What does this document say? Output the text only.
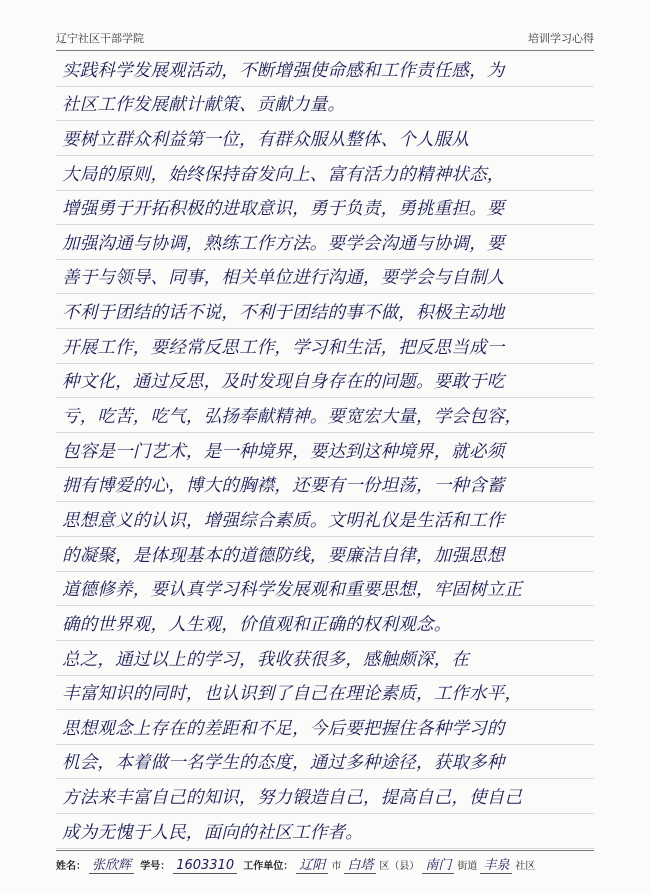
辽宁社区干部学院	培训学习心得
实践科学发展观活动，不断增强使命感和工作责任感，为
社区工作发展献计献策、贡献力量。
要树立群众利益第一位，有群众服从整体、个人服从
大局的原则，始终保持奋发向上、富有活力的精神状态，
增强勇于开拓积极的进取意识，勇于负责，勇挑重担。要
加强沟通与协调，熟练工作方法。要学会沟通与协调，要
善于与领导、同事，相关单位进行沟通，要学会与自制人
不利于团结的话不说，不利于团结的事不做，积极主动地
开展工作，要经常反思工作，学习和生活，把反思当成一
种文化，通过反思，及时发现自身存在的问题。要敢于吃
亏，吃苦，吃气，弘扬奉献精神。要宽宏大量，学会包容，
包容是一门艺术，是一种境界，要达到这种境界，就必须
拥有博爱的心，博大的胸襟，还要有一份坦荡，一种含蓄
思想意义的认识，增强综合素质。文明礼仪是生活和工作
的凝聚，是体现基本的道德防线，要廉洁自律，加强思想
道德修养，要认真学习科学发展观和重要思想，牢固树立正
确的世界观，人生观，价值观和正确的权利观念。
总之，通过以上的学习，我收获很多，感触颇深，在
丰富知识的同时，也认识到了自己在理论素质，工作水平，
思想观念上存在的差距和不足，今后要把握住各种学习的
机会，本着做一名学生的态度，通过多种途径，获取多种
方法来丰富自己的知识，努力锻造自己，提高自己，使自己
成为无愧于人民，面向的社区工作者。
姓名： 张欣辉 学号： 1603310 工作单位： 辽阳 市 白塔 区（县） 南门 街道 丰泉 社区
